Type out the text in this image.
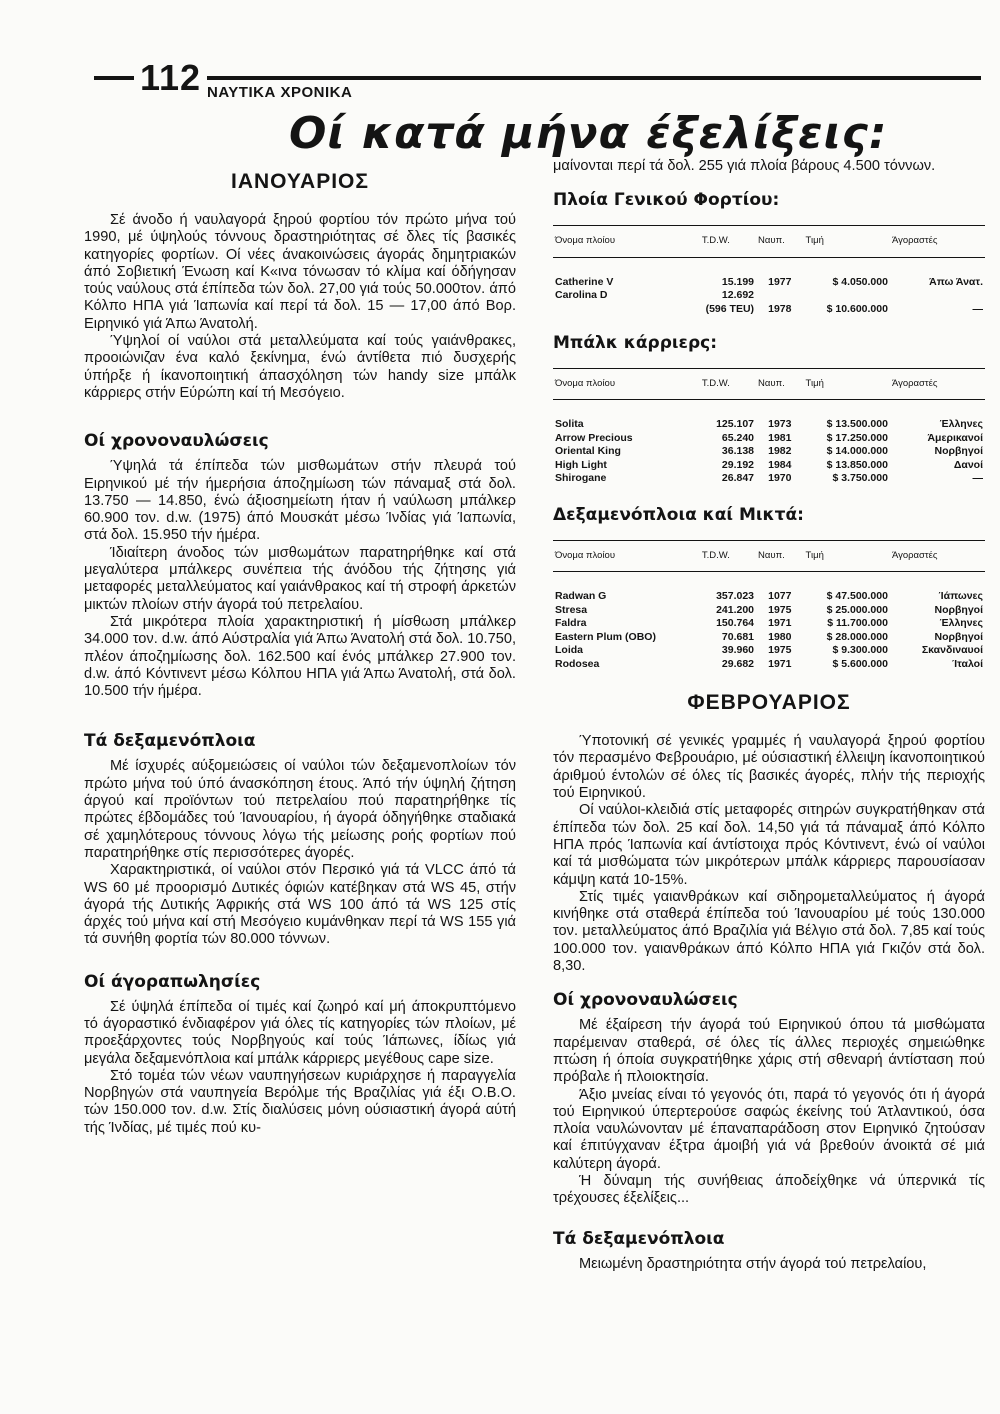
112 ΝΑΥΤΙΚΑ ΧΡΟΝΙΚΑ
Οί κατά μήνα έξελίξεις:
ΙΑΝΟΥΑΡΙΟΣ

Σέ άνοδο ή ναυλαγορά ξηρού φορτίου τόν πρώτο μήνα τού 1990, μέ ύψηλούς τόννους δραστηριότητας σέ δλες τίς βασικές κατηγορίες φορτίων. Οί νέες άνακοινώσεις άγοράς δημητριακών άπό Σοβιετική Ένωση καί Κ«ινα τόνωσαν τό κλίμα καί όδήγησαν τούς ναύλους στά έπίπεδα τών δολ. 27,00 γιά τούς 50.000τον. άπό Κόλπο ΗΠΑ γιά Ίαπωνία καί περί τά δολ. 15 — 17,00 άπό Βορ. Ειρηνικό γιά Άπω Άνατολή.

Ύψηλοί οί ναύλοι στά μεταλλεύματα καί τούς γαιάνθρακες, προοιώνιζαν ένα καλό ξεκίνημα, ένώ άντίθετα πιό δυσχερής ύπήρξε ή ίκανοποιητική άπασχόληση τών handy size μπάλκ κάρριερς στήν Εύρώπη καί τή Μεσόγειο.

Οί χρονοναυλώσεις

Ύψηλά τά έπίπεδα τών μισθωμάτων στήν πλευρά τού Ειρηνικού μέ τήν ήμερήσια άποζημίωση τών πάναμαξ στά δολ. 13.750 — 14.850, ένώ άξιοσημείωτη ήταν ή ναύλωση μπάλκερ 60.900 τον. d.w. (1975) άπό Μουσκάτ μέσω Ίνδίας γιά Ίαπωνία, στά δολ. 15.950 τήν ήμέρα.

Ίδιαίτερη άνοδος τών μισθωμάτων παρατηρήθηκε καί στά μεγαλύτερα μπάλκερς συνέπεια τής άνόδου τής ζήτησης γιά μεταφορές μεταλλεύματος καί γαιάνθρακος καί τή στροφή άρκετών μικτών πλοίων στήν άγορά τού πετρελαίου.

Στά μικρότερα πλοία χαρακτηριστική ή μίσθωση μπάλκερ 34.000 τον. d.w. άπό Αύστραλία γιά Άπω Άνατολή στά δολ. 10.750, πλέον άποζημίωσης δολ. 162.500 καί ένός μπάλκερ 27.900 τον. d.w. άπό Κόντινεντ μέσω Κόλπου ΗΠΑ γιά Άπω Άνατολή, στά δολ. 10.500 τήν ήμέρα.

Τά δεξαμενόπλοια

Μέ ίσχυρές αύξομειώσεις οί ναύλοι τών δεξαμενοπλοίων τόν πρώτο μήνα τού ύπό άνασκόπηση έτους. Άπό τήν ύψηλή ζήτηση άργού καί προϊόντων τού πετρελαίου πού παρατηρήθηκε τίς πρώτες έβδομάδες τού Ίανουαρίου, ή άγορά όδηγήθηκε σταδιακά σέ χαμηλότερους τόννους λόγω τής μείωσης ροής φορτίων πού παρατηρήθηκε στίς περισσότερες άγορές.

Χαρακτηριστικά, οί ναύλοι στόν Περσικό γιά τά VLCC άπό τά WS 60 μέ προορισμό Δυτικές όφιών κατέβηκαν στά WS 45, στήν άγορά τής Δυτικής Άφρικής στά WS 100 άπό τά WS 125 στίς άρχές τού μήνα καί στή Μεσόγειο κυμάνθηκαν περί τά WS 155 γιά τά συνήθη φορτία τών 80.000 τόννων.

Οί άγοραπωλησίες

Σέ ύψηλά έπίπεδα οί τιμές καί ζωηρό καί μή άποκρυπτόμενο τό άγοραστικό ένδιαφέρον γιά όλες τίς κατηγορίες τών πλοίων, μέ προεξάρχοντες τούς Νορβηγούς καί τούς Ίάπωνες, ίδίως γιά μεγάλα δεξαμενόπλοια καί μπάλκ κάρριερς μεγέθους cape size.

Στό τομέα τών νέων ναυπηγήσεων κυριάρχησε ή παραγγελία Νορβηγών στά ναυπηγεία Βερόλμε τής Βραζιλίας γιά έξι Ο.Β.Ο. τών 150.000 τον. d.w. Στίς διαλύσεις μόνη ούσιαστική άγορά αύτή τής Ίνδίας, μέ τιμές πού κυ-

μαίνονται περί τά δολ. 255 γιά πλοία βάρους 4.500 τόννων.

Πλοία Γενικού Φορτίου:
Όνομα πλοίου	T.D.W.	Ναυπ.	Τιμή	Άγοραστές
Catherine V	15.199	1977	$ 4.050.000	Άπω Άνατ.
Carolina D	12.692			
	(596 TEU)	1978	$ 10.600.000	—
Μπάλκ κάρριερς:
Όνομα πλοίου	T.D.W.	Ναυπ.	Τιμή	Άγοραστές
Solita	125.107	1973	$ 13.500.000	Έλληνες
Arrow Precious	65.240	1981	$ 17.250.000	Άμερικανοί
Oriental King	36.138	1982	$ 14.000.000	Νορβηγοί
High Light	29.192	1984	$ 13.850.000	Δανοί
Shirogane	26.847	1970	$ 3.750.000	—
Δεξαμενόπλοια καί Μικτά:
Όνομα πλοίου	T.D.W.	Ναυπ.	Τιμή	Άγοραστές
Radwan G	357.023	1077	$ 47.500.000	Ίάπωνες
Stresa	241.200	1975	$ 25.000.000	Νορβηγοί
Faldra	150.764	1971	$ 11.700.000	Έλληνες
Eastern Plum (OBO)	70.681	1980	$ 28.000.000	Νορβηγοί
Loida	39.960	1975	$ 9.300.000	Σκανδιναυοί
Rodosea	29.682	1971	$ 5.600.000	Ίταλοί
ΦΕΒΡΟΥΑΡΙΟΣ

Ύποτονική σέ γενικές γραμμές ή ναυλαγορά ξηρού φορτίου τόν περασμένο Φεβρουάριο, μέ ούσιαστική έλλειψη ίκανοποιητικού άριθμού έντολών σέ όλες τίς βασικές άγορές, πλήν τής περιοχής τού Ειρηνικού.

Οί ναύλοι-κλειδιά στίς μεταφορές σιτηρών συγκρατήθηκαν στά έπίπεδα τών δολ. 25 καί δολ. 14,50 γιά τά πάναμαξ άπό Κόλπο ΗΠΑ πρός Ίαπωνία καί άντίστοιχα πρός Κόντινεντ, ένώ οί ναύλοι καί τά μισθώματα τών μικρότερων μπάλκ κάρριερς παρουσίασαν κάμψη κατά 10-15%.

Στίς τιμές γαιανθράκων καί σιδηρομεταλλεύματος ή άγορά κινήθηκε στά σταθερά έπίπεδα τού Ίανουαρίου μέ τούς 130.000 τον. μεταλλεύματος άπό Βραζιλία γιά Βέλγιο στά δολ. 7,85 καί τούς 100.000 τον. γαιανθράκων άπό Κόλπο ΗΠΑ γιά Γκιζόν στά δολ. 8,30.

Οί χρονοναυλώσεις

Μέ έξαίρεση τήν άγορά τού Ειρηνικού όπου τά μισθώματα παρέμειναν σταθερά, σέ όλες τίς άλλες περιοχές σημειώθηκε πτώση ή όποία συγκρατήθηκε χάρις στή σθεναρή άντίσταση πού πρόβαλε ή πλοιοκτησία.

Άξιο μνείας είναι τό γεγονός ότι, παρά τό γεγονός ότι ή άγορά τού Ειρηνικού ύπερτερούσε σαφώς έκείνης τού Άτλαντικού, όσα πλοία ναυλώνονταν μέ έπαναπαράδοση στον Ειρηνικό ζητούσαν καί έπιτύγχαναν έξτρα άμοιβή γιά νά βρεθούν άνοικτά σέ μιά καλύτερη άγορά.

Ή δύναμη τής συνήθειας άποδείχθηκε νά ύπερνικά τίς τρέχουσες έξελίξεις...

Τά δεξαμενόπλοια

Μειωμένη δραστηριότητα στήν άγορά τού πετρελαίου,
